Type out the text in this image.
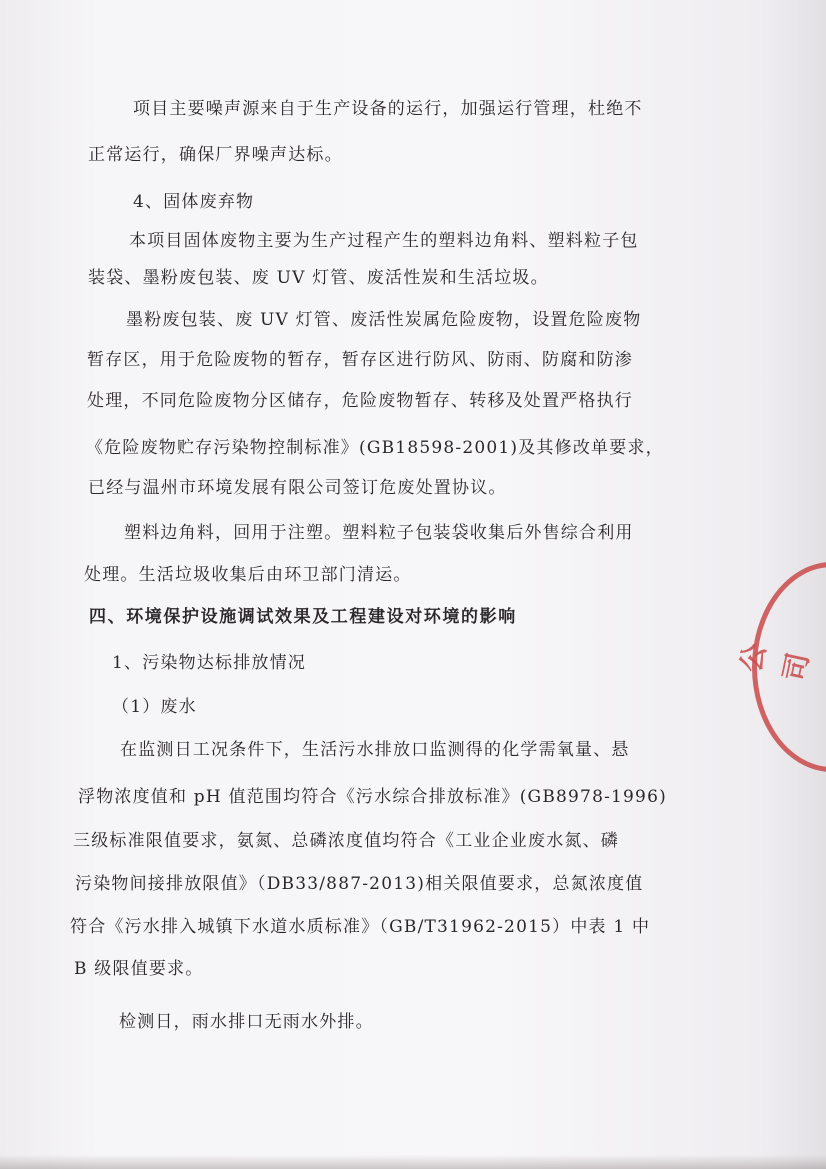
项目主要噪声源来自于生产设备的运行，加强运行管理，杜绝不

正常运行，确保厂界噪声达标。

4、固体废弃物

本项目固体废物主要为生产过程产生的塑料边角料、塑料粒子包

装袋、墨粉废包装、废 UV 灯管、废活性炭和生活垃圾。

墨粉废包装、废 UV 灯管、废活性炭属危险废物，设置危险废物

暂存区，用于危险废物的暂存，暂存区进行防风、防雨、防腐和防渗

处理，不同危险废物分区储存，危险废物暂存、转移及处置严格执行

《危险废物贮存污染物控制标准》(GB18598-2001)及其修改单要求，

已经与温州市环境发展有限公司签订危废处置协议。

塑料边角料，回用于注塑。塑料粒子包装袋收集后外售综合利用

处理。生活垃圾收集后由环卫部门清运。

四、环境保护设施调试效果及工程建设对环境的影响

1、污染物达标排放情况

（1）废水

在监测日工况条件下，生活污水排放口监测得的化学需氧量、悬

浮物浓度值和 pH 值范围均符合《污水综合排放标准》(GB8978-1996)

三级标准限值要求，氨氮、总磷浓度值均符合《工业企业废水氮、磷

污染物间接排放限值》（DB33/887-2013)相关限值要求，总氮浓度值

符合《污水排入城镇下水道水质标准》（GB/T31962-2015）中表 1 中

B 级限值要求。

检测日，雨水排口无雨水外排。

公司
